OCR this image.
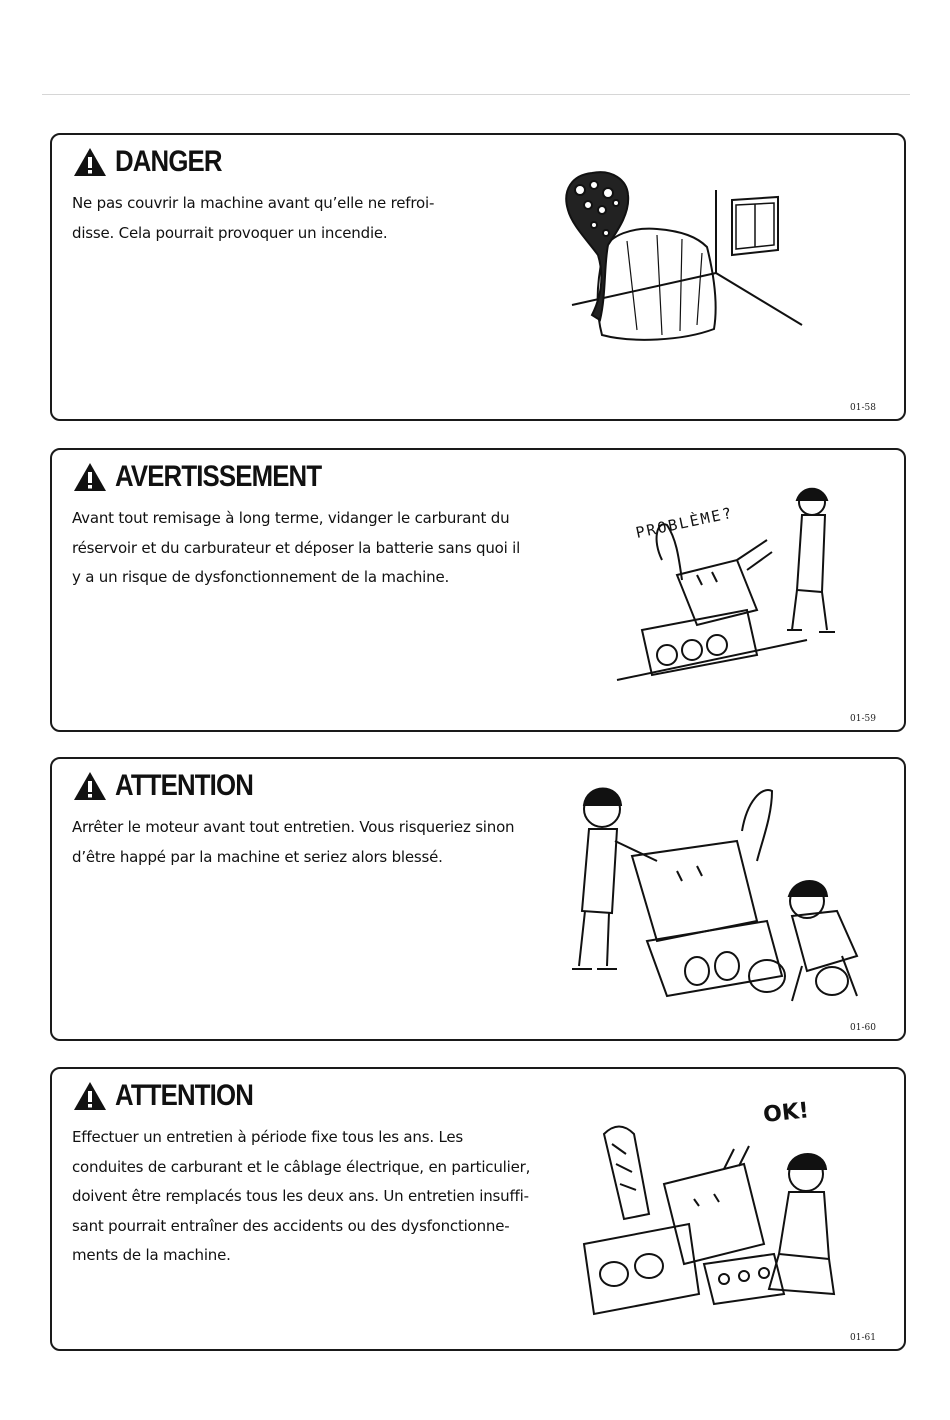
DANGER
Ne pas couvrir la machine avant qu’elle ne refroi-
disse. Cela pourrait provoquer un incendie.
01-58
AVERTISSEMENT
Avant tout remisage à long terme, vidanger le carburant du
réservoir et du carburateur et déposer la batterie sans quoi il
y a un risque de dysfonctionnement de la machine.
PROBLÈME?
01-59
ATTENTION
Arrêter le moteur avant tout entretien. Vous risqueriez sinon
d’être happé par la machine et seriez alors blessé.
01-60
ATTENTION
Effectuer un entretien à période fixe tous les ans. Les
conduites de carburant et le câblage électrique, en particulier,
doivent être remplacés tous les deux ans. Un entretien insuffi-
sant pourrait entraîner des accidents ou des dysfonctionne-
ments de la machine.
OK!
01-61
